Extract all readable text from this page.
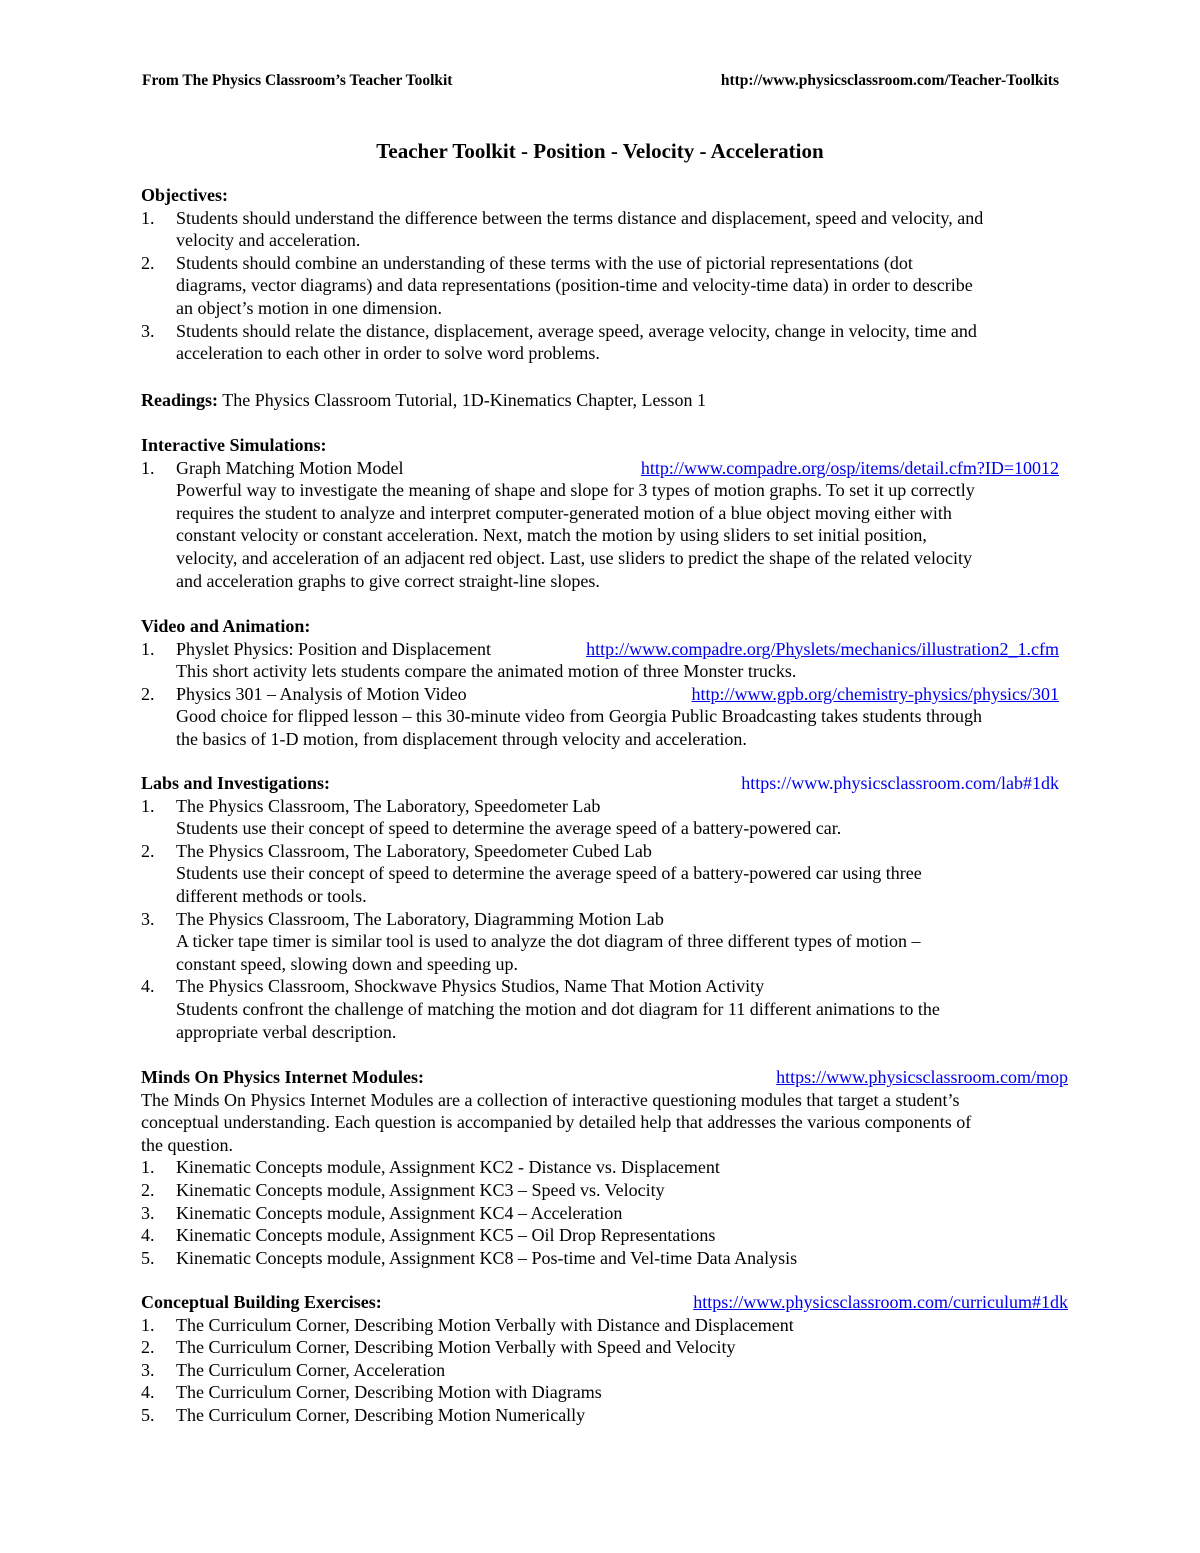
From The Physics Classroom’s Teacher Toolkit	http://www.physicsclassroom.com/Teacher-Toolkits
Teacher Toolkit - Position - Velocity - Acceleration
Objectives:
1. Students should understand the difference between the terms distance and displacement, speed and velocity, and

velocity and acceleration.

2. Students should combine an understanding of these terms with the use of pictorial representations (dot

diagrams, vector diagrams) and data representations (position-time and velocity-time data) in order to describe

an object’s motion in one dimension.

3. Students should relate the distance, displacement, average speed, average velocity, change in velocity, time and

acceleration to each other in order to solve word problems.

Readings: The Physics Classroom Tutorial, 1D-Kinematics Chapter, Lesson 1
Interactive Simulations:
1. Graph Matching Motion Model	http://www.compadre.org/osp/items/detail.cfm?ID=10012

Powerful way to investigate the meaning of shape and slope for 3 types of motion graphs. To set it up correctly

requires the student to analyze and interpret computer-generated motion of a blue object moving either with

constant velocity or constant acceleration. Next, match the motion by using sliders to set initial position,

velocity, and acceleration of an adjacent red object. Last, use sliders to predict the shape of the related velocity

and acceleration graphs to give correct straight-line slopes.

Video and Animation:
1. Physlet Physics: Position and Displacement	http://www.compadre.org/Physlets/mechanics/illustration2_1.cfm

This short activity lets students compare the animated motion of three Monster trucks.

2. Physics 301 – Analysis of Motion Video	http://www.gpb.org/chemistry-physics/physics/301

Good choice for flipped lesson – this 30-minute video from Georgia Public Broadcasting takes students through

the basics of 1-D motion, from displacement through velocity and acceleration.

Labs and Investigations:	https://www.physicsclassroom.com/lab#1dk
1. The Physics Classroom, The Laboratory, Speedometer Lab

Students use their concept of speed to determine the average speed of a battery-powered car.

2. The Physics Classroom, The Laboratory, Speedometer Cubed Lab

Students use their concept of speed to determine the average speed of a battery-powered car using three

different methods or tools.

3. The Physics Classroom, The Laboratory, Diagramming Motion Lab

A ticker tape timer is similar tool is used to analyze the dot diagram of three different types of motion –

constant speed, slowing down and speeding up.

4. The Physics Classroom, Shockwave Physics Studios, Name That Motion Activity

Students confront the challenge of matching the motion and dot diagram for 11 different animations to the

appropriate verbal description.

Minds On Physics Internet Modules:	https://www.physicsclassroom.com/mop

The Minds On Physics Internet Modules are a collection of interactive questioning modules that target a student’s

conceptual understanding. Each question is accompanied by detailed help that addresses the various components of

the question.

1. Kinematic Concepts module, Assignment KC2 - Distance vs. Displacement

2. Kinematic Concepts module, Assignment KC3 – Speed vs. Velocity

3. Kinematic Concepts module, Assignment KC4 – Acceleration

4. Kinematic Concepts module, Assignment KC5 – Oil Drop Representations

5. Kinematic Concepts module, Assignment KC8 – Pos-time and Vel-time Data Analysis

Conceptual Building Exercises:	https://www.physicsclassroom.com/curriculum#1dk
1. The Curriculum Corner, Describing Motion Verbally with Distance and Displacement

2. The Curriculum Corner, Describing Motion Verbally with Speed and Velocity

3. The Curriculum Corner, Acceleration

4. The Curriculum Corner, Describing Motion with Diagrams

5. The Curriculum Corner, Describing Motion Numerically
